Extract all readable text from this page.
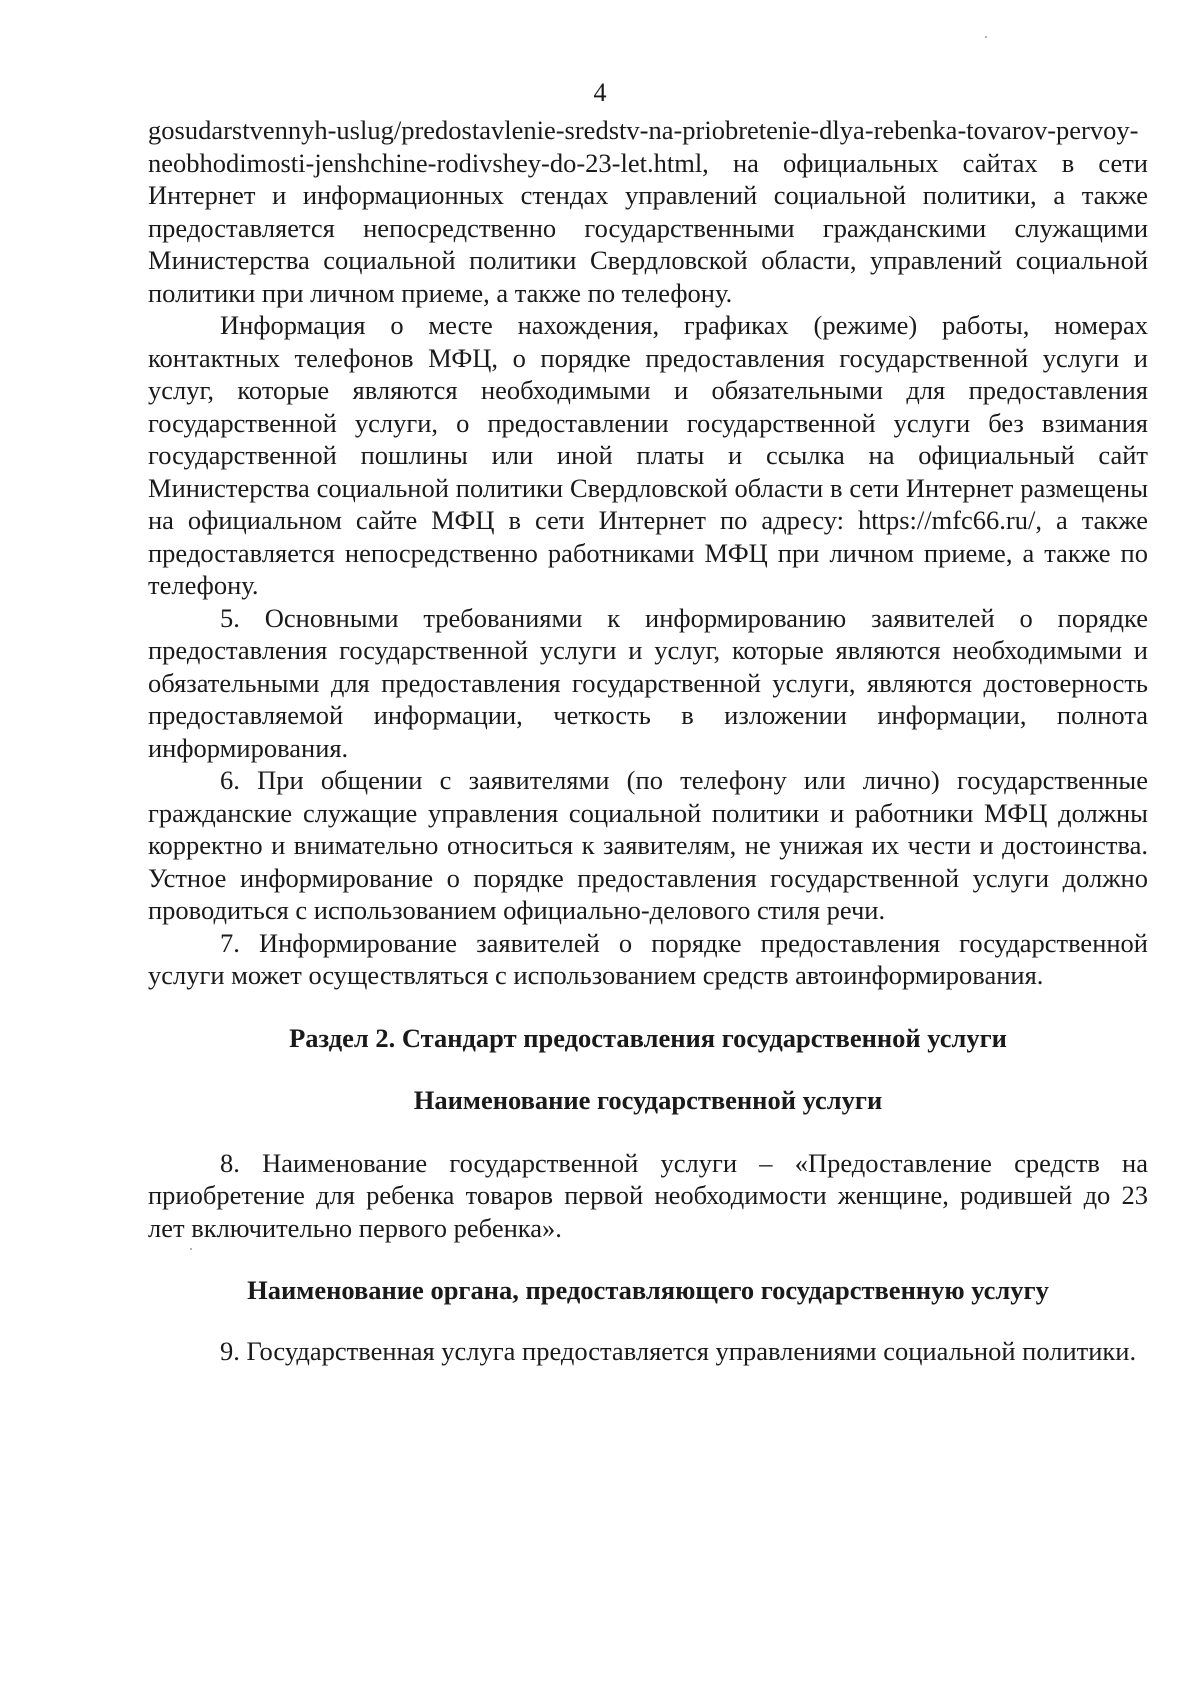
4

gosudarstvennyh-uslug/predostavlenie-sredstv-na-priobretenie-dlya-rebenka-tovarov-pervoy-neobhodimosti-jenshchine-rodivshey-do-23-let.html, на официальных сайтах в сети Интернет и информационных стендах управлений социальной политики, а также предоставляется непосредственно государственными гражданскими служащими Министерства социальной политики Свердловской области, управлений социальной политики при личном приеме, а также по телефону.

Информация о месте нахождения, графиках (режиме) работы, номерах контактных телефонов МФЦ, о порядке предоставления государственной услуги и услуг, которые являются необходимыми и обязательными для предоставления государственной услуги, о предоставлении государственной услуги без взимания государственной пошлины или иной платы и ссылка на официальный сайт Министерства социальной политики Свердловской области в сети Интернет размещены на официальном сайте МФЦ в сети Интернет по адресу: https://mfc66.ru/, а также предоставляется непосредственно работниками МФЦ при личном приеме, а также по телефону.

5. Основными требованиями к информированию заявителей о порядке предоставления государственной услуги и услуг, которые являются необходимыми и обязательными для предоставления государственной услуги, являются достоверность предоставляемой информации, четкость в изложении информации, полнота информирования.

6. При общении с заявителями (по телефону или лично) государственные гражданские служащие управления социальной политики и работники МФЦ должны корректно и внимательно относиться к заявителям, не унижая их чести и достоинства. Устное информирование о порядке предоставления государственной услуги должно проводиться с использованием официально-делового стиля речи.

7. Информирование заявителей о порядке предоставления государственной услуги может осуществляться с использованием средств автоинформирования.

Раздел 2. Стандарт предоставления государственной услуги

Наименование государственной услуги

8. Наименование государственной услуги – «Предоставление средств на приобретение для ребенка товаров первой необходимости женщине, родившей до 23 лет включительно первого ребенка».

Наименование органа, предоставляющего государственную услугу

9. Государственная услуга предоставляется управлениями социальной политики.
